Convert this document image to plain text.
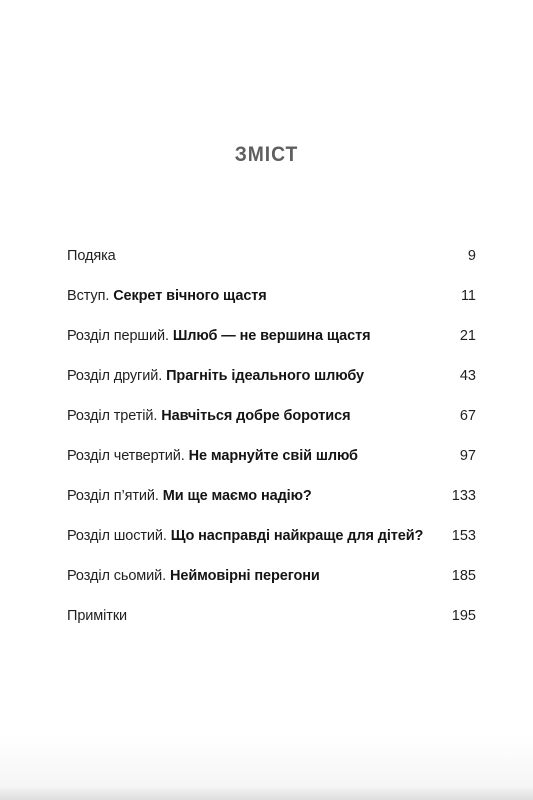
ЗМІСТ
Подяка	9
Вступ. Секрет вічного щастя	11
Розділ перший. Шлюб — не вершина щастя	21
Розділ другий. Прагніть ідеального шлюбу	43
Розділ третій. Навчіться добре боротися	67
Розділ четвертий. Не марнуйте свій шлюб	97
Розділ п’ятий. Ми ще маємо надію?	133
Розділ шостий. Що насправді найкраще для дітей?	153
Розділ сьомий. Неймовірні перегони	185
Примітки	195
